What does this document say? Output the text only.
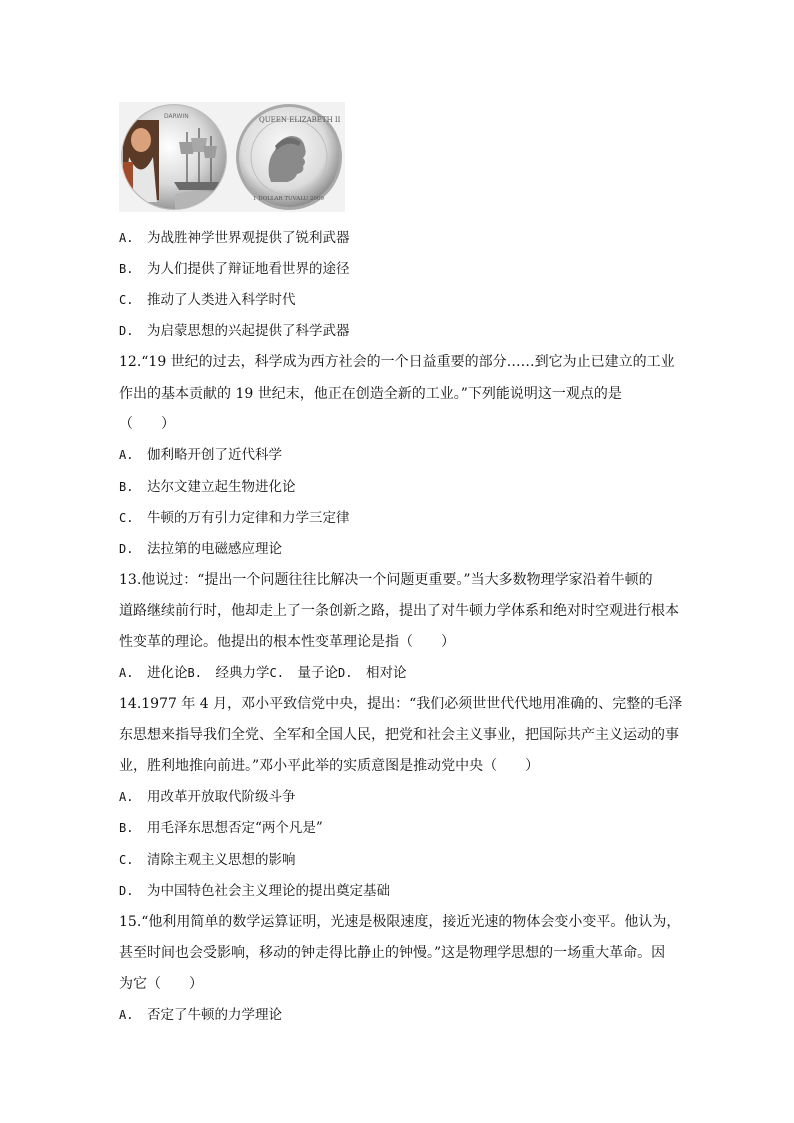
DARWIN	QUEEN ELIZABETH II
1 DOLLAR TUVALU 2009
A. 为战胜神学世界观提供了锐利武器
B. 为人们提供了辩证地看世界的途径
C. 推动了人类进入科学时代
D. 为启蒙思想的兴起提供了科学武器
12.“19 世纪的过去，科学成为西方社会的一个日益重要的部分……到它为止已建立的工业
作出的基本贡献的 19 世纪末，他正在创造全新的工业。”下列能说明这一观点的是
（　　）
A. 伽利略开创了近代科学
B. 达尔文建立起生物进化论
C. 牛顿的万有引力定律和力学三定律
D. 法拉第的电磁感应理论
13.他说过：“提出一个问题往往比解决一个问题更重要。”当大多数物理学家沿着牛顿的
道路继续前行时，他却走上了一条创新之路，提出了对牛顿力学体系和绝对时空观进行根本
性变革的理论。他提出的根本性变革理论是指（　　）
A. 进化论B. 经典力学C. 量子论D. 相对论
14.1977 年 4 月，邓小平致信党中央，提出：“我们必须世世代代地用准确的、完整的毛泽
东思想来指导我们全党、全军和全国人民，把党和社会主义事业，把国际共产主义运动的事
业，胜利地推向前进。”邓小平此举的实质意图是推动党中央（　　）
A. 用改革开放取代阶级斗争
B. 用毛泽东思想否定“两个凡是”
C. 清除主观主义思想的影响
D. 为中国特色社会主义理论的提出奠定基础
15.“他利用简单的数学运算证明，光速是极限速度，接近光速的物体会变小变平。他认为，
甚至时间也会受影响，移动的钟走得比静止的钟慢。”这是物理学思想的一场重大革命。因
为它（　　）
A. 否定了牛顿的力学理论
